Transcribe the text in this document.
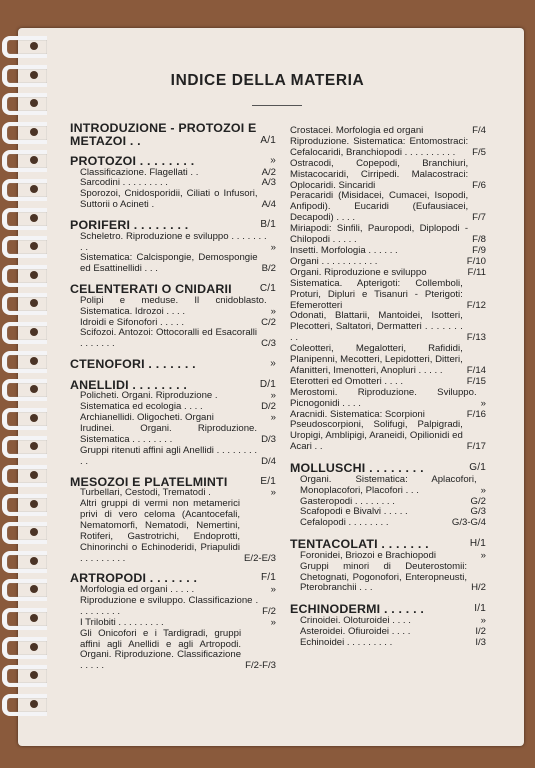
INDICE DELLA MATERIA
INTRODUZIONE - PROTOZOI E METAZOI . .	A/1
PROTOZOI . . . . . . . .	»
Classificazione. Flagellati . .	A/2
Sarcodini . . . . . . . . .	A/3
Sporozoi, Cnidosporidii, Ciliati o Infusori, Suttorii o Acineti .	A/4
PORIFERI . . . . . . . .	B/1
Scheletro. Riproduzione e sviluppo . . . . . . . . .	»
Sistematica: Calcispongie, Demospongie ed Esattinellidi . . .	B/2
CELENTERATI O CNIDARII	C/1
Polipi e meduse. Il cnidoblasto. Sistematica. Idrozoi . . . .	»
Idroidi e Sifonofori . . . . .	C/2
Scifozoi. Antozoi: Ottocoralli ed Esacoralli . . . . . . .	C/3
CTENOFORI . . . . . . .	»
ANELLIDI . . . . . . . .	D/1
Policheti. Organi. Riproduzione .	»
Sistematica ed ecologia . . . .	D/2
Archianellidi. Oligocheti. Organi	»
Irudinei. Organi. Riproduzione. Sistematica . . . . . . . .	D/3
Gruppi ritenuti affini agli Anellidi . . . . . . . . . .	D/4
MESOZOI E PLATELMINTI	E/1
Turbellari, Cestodi, Trematodi .	»
Altri gruppi di vermi non metamerici privi di vero celoma (Acantocefali, Nematomorfi, Nematodi, Nemertini, Rotiferi, Gastrotrichi, Endoprotti, Chinorinchi o Echinoderidi, Priapulidi . . . . . . . . .	E/2-E/3
ARTROPODI . . . . . . .	F/1
Morfologia ed organi . . . . .	»
Riproduzione e sviluppo. Classificazione . . . . . . . . .	F/2
I Trilobiti . . . . . . . . .	»
Gli Onicofori e i Tardigradi, gruppi affini agli Anellidi e agli Artropodi. Organi. Riproduzione. Classificazione . . . . .	F/2-F/3
Crostacei. Morfologia ed organi	F/4
Riproduzione. Sistematica: Entomostraci: Cefalocaridi, Branchiopodi . . . . . . . . . .	F/5
Ostracodi, Copepodi, Branchiuri, Mistacocaridi, Cirripedi. Malacostraci: Oplocaridi. Sincaridi	F/6
Peracaridi (Misidacei, Cumacei, Isopodi, Anfipodi). Eucaridi (Eufausiacei, Decapodi) . . . .	F/7
Miriapodi: Sinfili, Pauropodi, Diplopodi - Chilopodi . . . . .	F/8
Insetti. Morfologia . . . . . .	F/9
Organi . . . . . . . . . . .	F/10
Organi. Riproduzione e sviluppo	F/11
Sistematica. Apterigoti: Collemboli, Proturi, Dipluri e Tisanuri - Pterigoti: Efemerotteri	F/12
Odonati, Blattarii, Mantoidei, Isotteri, Plecotteri, Saltatori, Dermatteri . . . . . . . . .	F/13
Coleotteri, Megalotteri, Rafididi, Planipenni, Mecotteri, Lepidotteri, Ditteri, Afanitteri, Imenotteri, Anopluri . . . . .	F/14
Eterotteri ed Omotteri . . . .	F/15
Merostomi. Riproduzione. Sviluppo. Picnogonidi . . . .	»
Aracnidi. Sistematica: Scorpioni	F/16
Pseudoscorpioni, Solifugi, Palpigradi, Uropigi, Amblipigi, Araneidi, Opilionidi ed Acari . .	F/17
MOLLUSCHI . . . . . . . .	G/1
Organi. Sistematica: Aplacofori, Monoplacofori, Placofori . . .	»
Gasteropodi . . . . . . . .	G/2
Scafopodi e Bivalvi . . . . .	G/3
Cefalopodi . . . . . . . .	G/3-G/4
TENTACOLATI . . . . . . .	H/1
Foronidei, Briozoi e Brachiopodi	»
Gruppi minori di Deuterostomii: Chetognati, Pogonofori, Enteropneusti, Pterobranchii . . .	H/2
ECHINODERMI . . . . . .	I/1
Crinoidei. Oloturoidei . . . .	»
Asteroidei. Ofiuroidei . . . .	I/2
Echinoidei . . . . . . . . .	I/3
